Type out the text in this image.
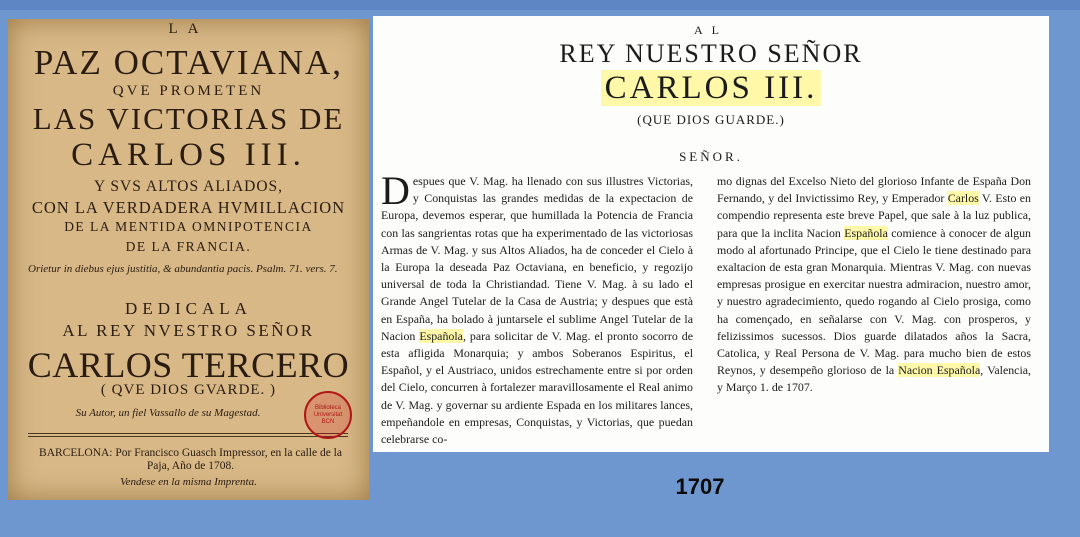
LA
PAZ OCTAVIANA,
QVE PROMETEN
LAS VICTORIAS DE
CARLOS III.
Y SVS ALTOS ALIADOS,
CON LA VERDADERA HVMILLACION
DE LA MENTIDA OMNIPOTENCIA
DE LA FRANCIA.
Orietur in diebus ejus justitia, & abundantia pacis. Psalm. 71. vers. 7.
DEDICALA
AL REY NVESTRO SEÑOR
CARLOS TERCERO
( QVE DIOS GVARDE. )
Su Autor, un fiel Vassallo de su Magestad.
BARCELONA: Por Francisco Guasch Impressor, en la calle de la Paja, Año de 1708.
Vendese en la misma Imprenta.
Biblioteca Universitat BCN
AL
REY NUESTRO SEÑOR
CARLOS III.
(QUE DIOS GUARDE.)
SEÑOR.
Despues que V. Mag. ha llenado con sus illustres Victorias, y Conquistas las grandes medidas de la expectacion de Europa, devemos esperar, que humillada la Potencia de Francia con las sangrientas rotas que ha experimentado de las victoriosas Armas de V. Mag. y sus Altos Aliados, ha de conceder el Cielo à la Europa la deseada Paz Octaviana, en beneficio, y regozijo universal de toda la Christiandad. Tiene V. Mag. à su lado el Grande Angel Tutelar de la Casa de Austria; y despues que està en España, ha bolado à juntarsele el sublime Angel Tutelar de la Nacion Española, para solicitar de V. Mag. el pronto socorro de esta afligida Monarquia; y ambos Soberanos Espiritus, el Español, y el Austriaco, unidos estrechamente entre si por orden del Cielo, concurren à fortalezer maravillosamente el Real animo de V. Mag. y governar su ardiente Espada en los militares lances, empeñandole en empresas, Conquistas, y Victorias, que puedan celebrarse co-
mo dignas del Excelso Nieto del glorioso Infante de España Don Fernando, y del Invictissimo Rey, y Emperador Carlos V. Esto en compendio representa este breve Papel, que sale à la luz publica, para que la inclita Nacion Española comience à conocer de algun modo al afortunado Principe, que el Cielo le tiene destinado para exaltacion de esta gran Monarquia. Mientras V. Mag. con nuevas empresas prosigue en exercitar nuestra admiracion, nuestro amor, y nuestro agradecimiento, quedo rogando al Cielo prosiga, como ha començado, en señalarse con V. Mag. con prosperos, y felizissimos sucessos. Dios guarde dilatados años la Sacra, Catolica, y Real Persona de V. Mag. para mucho bien de estos Reynos, y desempeño glorioso de la Nacion Española, Valencia, y Março 1. de 1707.
1707
